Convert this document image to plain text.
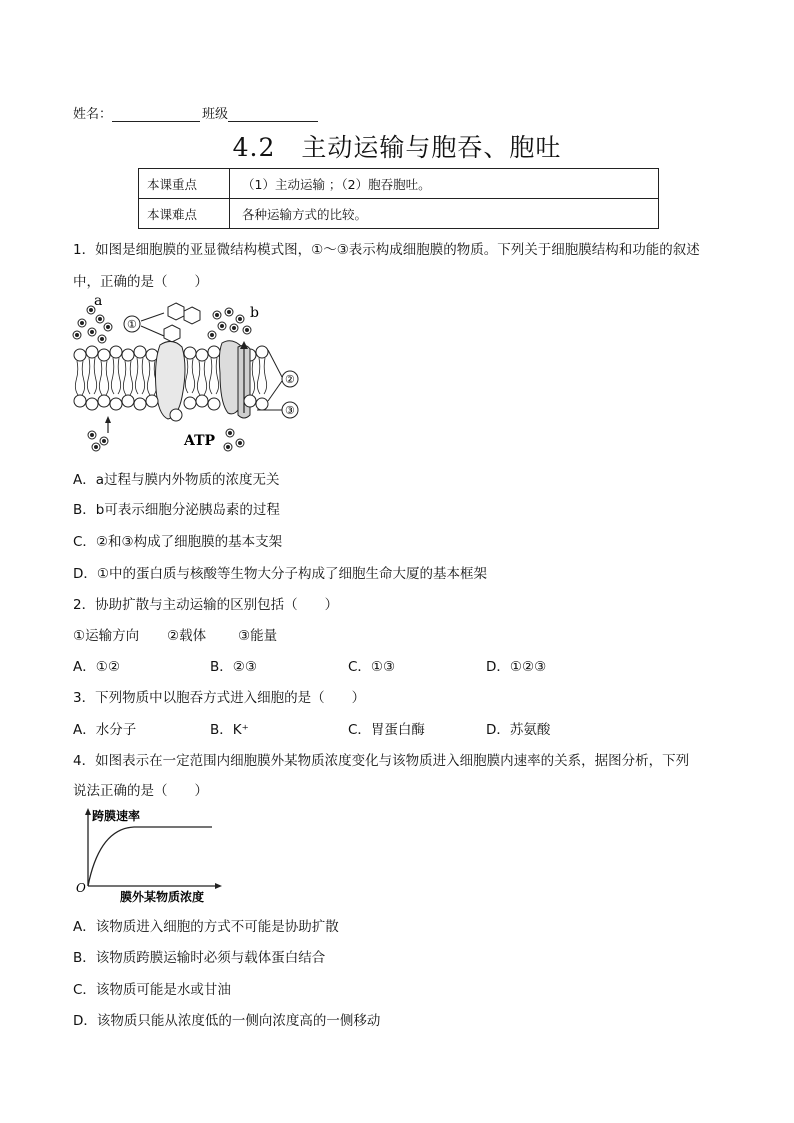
姓名：	班级
4.2　主动运输与胞吞、胞吐
本课重点	（1）主动运输 ；（2）胞吞胞吐。
本课难点	各种运输方式的比较。
1．如图是细胞膜的亚显微结构模式图，①～③表示构成细胞膜的物质。下列关于细胞膜结构和功能的叙述
中，正确的是（　　）
a
①
b
②
③
ATP
A．a过程与膜内外物质的浓度无关
B．b可表示细胞分泌胰岛素的过程
C．②和③构成了细胞膜的基本支架
D．①中的蛋白质与核酸等生物大分子构成了细胞生命大厦的基本框架
2．协助扩散与主动运输的区别包括（　　）
①运输方向 ②载体 ③能量
A．①②	B．②③	C．①③	D．①②③
3．下列物质中以胞吞方式进入细胞的是（　　）
A．水分子	B．K⁺	C．胃蛋白酶	D．苏氨酸
4．如图表示在一定范围内细胞膜外某物质浓度变化与该物质进入细胞膜内速率的关系，据图分析，下列
说法正确的是（　　）
跨膜速率
O
膜外某物质浓度
A．该物质进入细胞的方式不可能是协助扩散
B．该物质跨膜运输时必须与载体蛋白结合
C．该物质可能是水或甘油
D．该物质只能从浓度低的一侧向浓度高的一侧移动
